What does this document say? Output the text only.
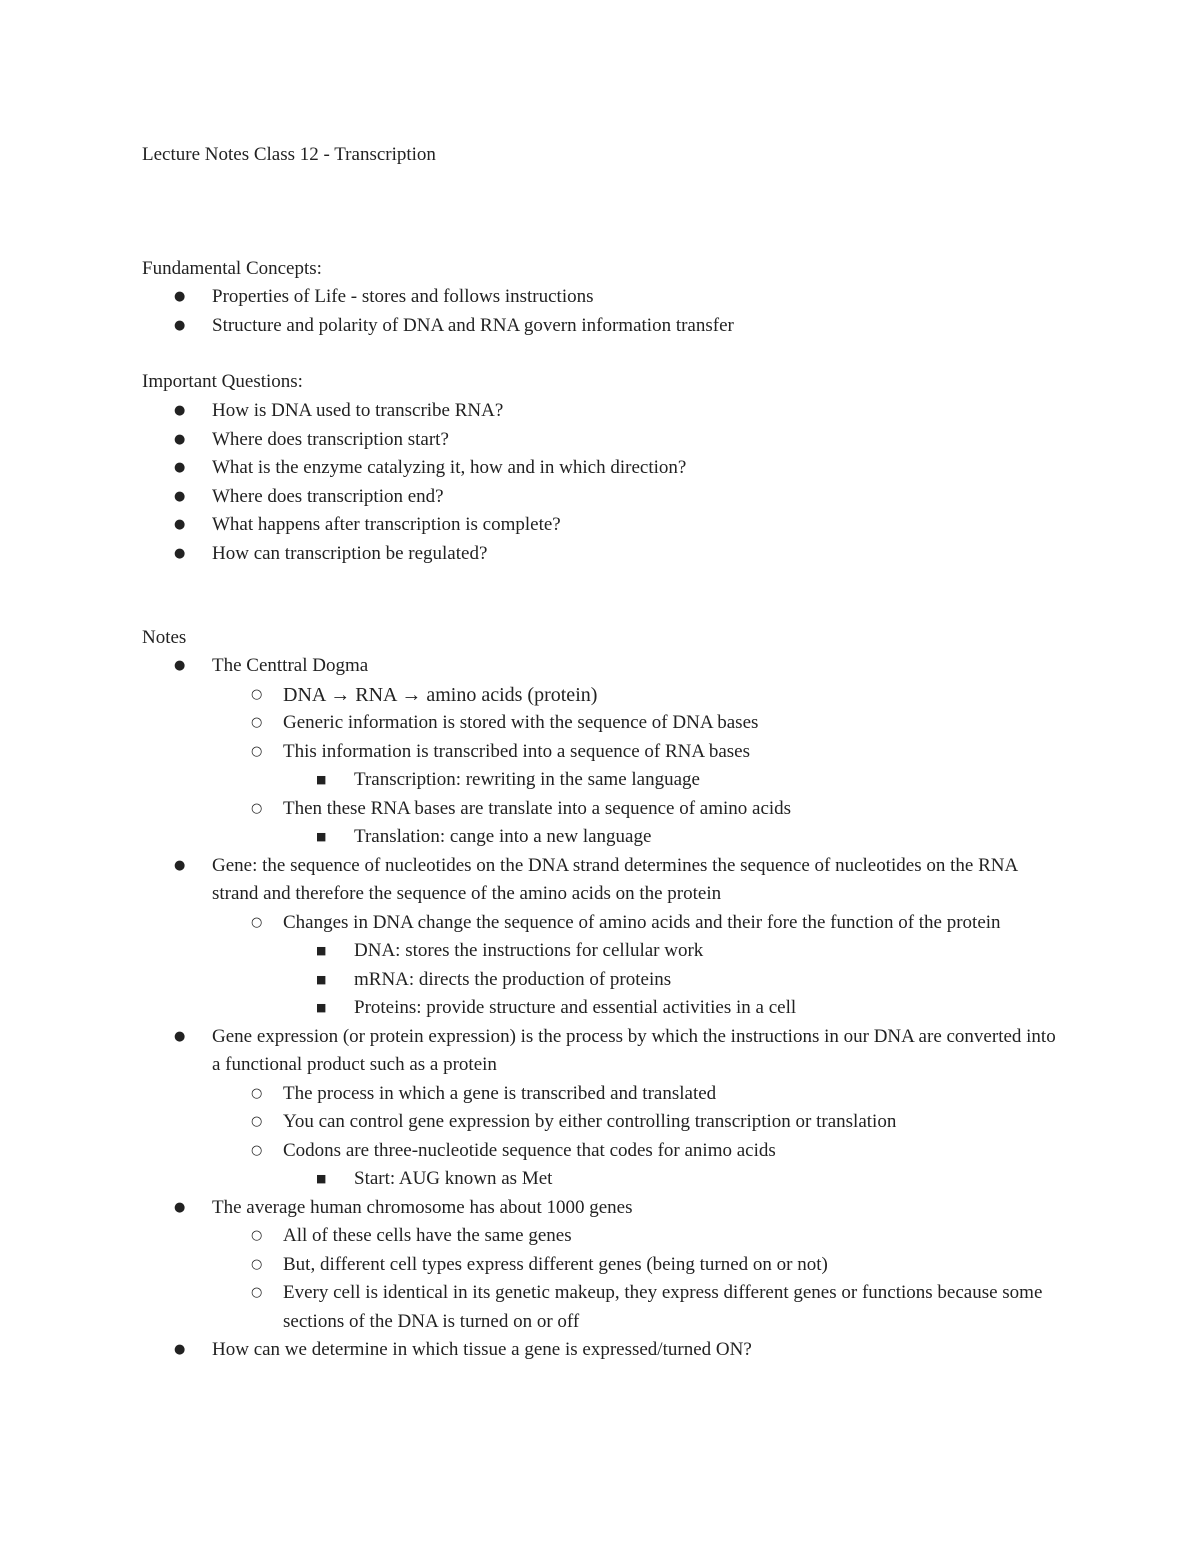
Lecture Notes Class 12 - Transcription
Fundamental Concepts:
● Properties of Life - stores and follows instructions
● Structure and polarity of DNA and RNA govern information transfer
Important Questions:
● How is DNA used to transcribe RNA?
● Where does transcription start?
● What is the enzyme catalyzing it, how and in which direction?
● Where does transcription end?
● What happens after transcription is complete?
● How can transcription be regulated?
Notes
● The Centtral Dogma
○ DNA → RNA → amino acids (protein)
○ Generic information is stored with the sequence of DNA bases
○ This information is transcribed into a sequence of RNA bases
■ Transcription: rewriting in the same language
○ Then these RNA bases are translate into a sequence of amino acids
■ Translation: cange into a new language
● Gene: the sequence of nucleotides on the DNA strand determines the sequence of nucleotides on the RNA strand and therefore the sequence of the amino acids on the protein
○ Changes in DNA change the sequence of amino acids and their fore the function of the protein
■ DNA: stores the instructions for cellular work
■ mRNA: directs the production of proteins
■ Proteins: provide structure and essential activities in a cell
● Gene expression (or protein expression) is the process by which the instructions in our DNA are converted into a functional product such as a protein
○ The process in which a gene is transcribed and translated
○ You can control gene expression by either controlling transcription or translation
○ Codons are three-nucleotide sequence that codes for animo acids
■ Start: AUG known as Met
● The average human chromosome has about 1000 genes
○ All of these cells have the same genes
○ But, different cell types express different genes (being turned on or not)
○ Every cell is identical in its genetic makeup, they express different genes or functions because some sections of the DNA is turned on or off
● How can we determine in which tissue a gene is expressed/turned ON?
